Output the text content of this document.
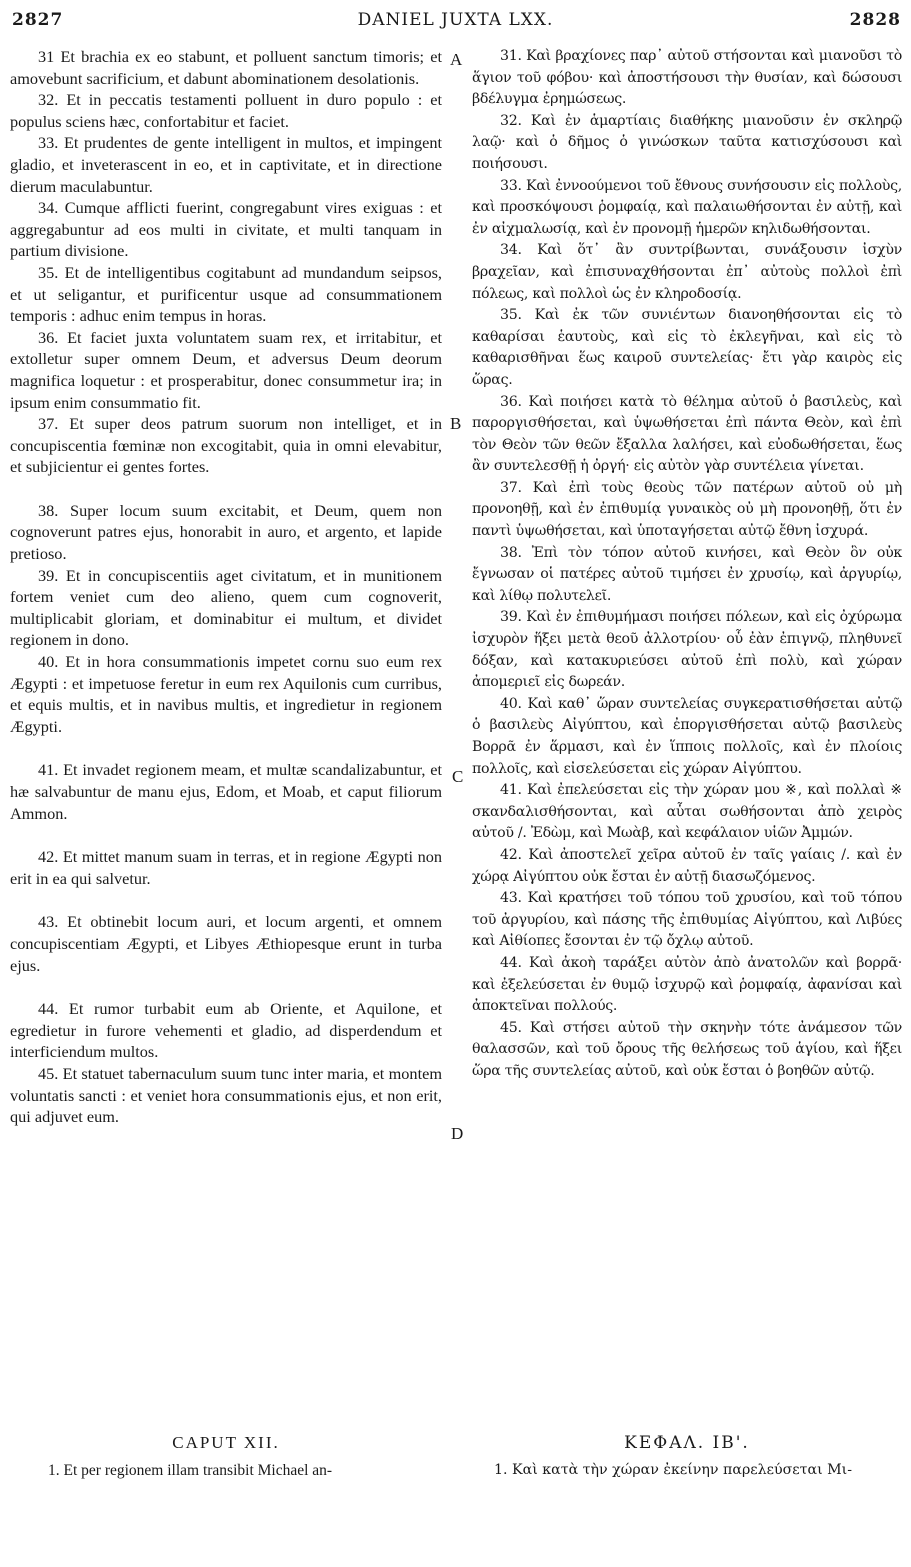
2827	DANIEL JUXTA LXX.	2828

31 Et brachia ex eo stabunt, et polluent sanctum timoris; et amovebunt sacrificium, et dabunt abominationem desolationis.

32. Et in peccatis testamenti polluent in duro populo : et populus sciens hæc, confortabitur et faciet.

33. Et prudentes de gente intelligent in multos, et impingent gladio, et inveterascent in eo, et in captivitate, et in directione dierum maculabuntur.

34. Cumque afflicti fuerint, congregabunt vires exiguas : et aggregabuntur ad eos multi in civitate, et multi tanquam in partium divisione.

35. Et de intelligentibus cogitabunt ad mundandum seipsos, et ut seligantur, et purificentur usque ad consummationem temporis : adhuc enim tempus in horas.

36. Et faciet juxta voluntatem suam rex, et irritabitur, et extolletur super omnem Deum, et adversus Deum deorum magnifica loquetur : et prosperabitur, donec consummetur ira; in ipsum enim consummatio fit.

37. Et super deos patrum suorum non intelliget, et in concupiscentia fœminæ non excogitabit, quia in omni elevabitur, et subjicientur ei gentes fortes.

38. Super locum suum excitabit, et Deum, quem non cognoverunt patres ejus, honorabit in auro, et argento, et lapide pretioso.

39. Et in concupiscentiis aget civitatum, et in munitionem fortem veniet cum deo alieno, quem cum cognoverit, multiplicabit gloriam, et dominabitur ei multum, et dividet regionem in dono.

40. Et in hora consummationis impetet cornu suo eum rex Ægypti : et impetuose feretur in eum rex Aquilonis cum curribus, et equis multis, et in navibus multis, et ingredietur in regionem Ægypti.

41. Et invadet regionem meam, et multæ scandalizabuntur, et hæ salvabuntur de manu ejus, Edom, et Moab, et caput filiorum Ammon.

42. Et mittet manum suam in terras, et in regione Ægypti non erit in ea qui salvetur.

43. Et obtinebit locum auri, et locum argenti, et omnem concupiscentiam Ægypti, et Libyes Æthiopesque erunt in turba ejus.

44. Et rumor turbabit eum ab Oriente, et Aquilone, et egredietur in furore vehementi et gladio, ad disperdendum et interficiendum multos.

45. Et statuet tabernaculum suum tunc inter maria, et montem voluntatis sancti : et veniet hora consummationis ejus, et non erit, qui adjuvet eum.

31. Καὶ βραχίονες παρ᾽ αὐτοῦ στήσονται καὶ μιανοῦσι τὸ ἅγιον τοῦ φόβου· καὶ ἀποστήσουσι τὴν θυσίαν, καὶ δώσουσι βδέλυγμα ἐρημώσεως.

32. Καὶ ἐν ἁμαρτίαις διαθήκης μιανοῦσιν ἐν σκληρῷ λαῷ· καὶ ὁ δῆμος ὁ γινώσκων ταῦτα κατισχύσουσι καὶ ποιήσουσι.

33. Καὶ ἐννοούμενοι τοῦ ἔθνους συνήσουσιν εἰς πολλοὺς, καὶ προσκόψουσι ῥομφαίᾳ, καὶ παλαιωθήσονται ἐν αὐτῇ, καὶ ἐν αἰχμαλωσίᾳ, καὶ ἐν προνομῇ ἡμερῶν κηλιδωθήσονται.

34. Καὶ ὅτ᾽ ἂν συντρίβωνται, συνάξουσιν ἰσχὺν βραχεῖαν, καὶ ἐπισυναχθήσονται ἐπ᾽ αὐτοὺς πολλοὶ ἐπὶ πόλεως, καὶ πολλοὶ ὡς ἐν κληροδοσίᾳ.

35. Καὶ ἐκ τῶν συνιέντων διανοηθήσονται εἰς τὸ καθαρίσαι ἑαυτοὺς, καὶ εἰς τὸ ἐκλεγῆναι, καὶ εἰς τὸ καθαρισθῆναι ἕως καιροῦ συντελείας· ἔτι γὰρ καιρὸς εἰς ὥρας.

36. Καὶ ποιήσει κατὰ τὸ θέλημα αὐτοῦ ὁ βασιλεὺς, καὶ παροργισθήσεται, καὶ ὑψωθήσεται ἐπὶ πάντα Θεὸν, καὶ ἐπὶ τὸν Θεὸν τῶν θεῶν ἔξαλλα λαλήσει, καὶ εὐοδωθήσεται, ἕως ἂν συντελεσθῇ ἡ ὀργή· εἰς αὐτὸν γὰρ συντέλεια γίνεται.

37. Καὶ ἐπὶ τοὺς θεοὺς τῶν πατέρων αὐτοῦ οὐ μὴ προνοηθῇ, καὶ ἐν ἐπιθυμίᾳ γυναικὸς οὐ μὴ προνοηθῇ, ὅτι ἐν παντὶ ὑψωθήσεται, καὶ ὑποταγήσεται αὐτῷ ἔθνη ἰσχυρά.

38. Ἐπὶ τὸν τόπον αὐτοῦ κινήσει, καὶ Θεὸν ὃν οὐκ ἔγνωσαν οἱ πατέρες αὐτοῦ τιμήσει ἐν χρυσίῳ, καὶ ἀργυρίῳ, καὶ λίθῳ πολυτελεῖ.

39. Καὶ ἐν ἐπιθυμήμασι ποιήσει πόλεων, καὶ εἰς ὀχύρωμα ἰσχυρὸν ἥξει μετὰ θεοῦ ἀλλοτρίου· οὗ ἐὰν ἐπιγνῷ, πληθυνεῖ δόξαν, καὶ κατακυριεύσει αὐτοῦ ἐπὶ πολὺ, καὶ χώραν ἀπομεριεῖ εἰς δωρεάν.

40. Καὶ καθ᾽ ὥραν συντελείας συγκερατισθήσεται αὐτῷ ὁ βασιλεὺς Αἰγύπτου, καὶ ἐποργισθήσεται αὐτῷ βασιλεὺς Βορρᾶ ἐν ἅρμασι, καὶ ἐν ἵπποις πολλοῖς, καὶ ἐν πλοίοις πολλοῖς, καὶ εἰσελεύσεται εἰς χώραν Αἰγύπτου.

41. Καὶ ἐπελεύσεται εἰς τὴν χώραν μου ※, καὶ πολλαὶ ※ σκανδαλισθήσονται, καὶ αὗται σωθήσονται ἀπὸ χειρὸς αὐτοῦ /. Ἐδὼμ, καὶ Μωὰβ, καὶ κεφάλαιον υἱῶν Ἀμμών.

42. Καὶ ἀποστελεῖ χεῖρα αὐτοῦ ἐν ταῖς γαίαις /. καὶ ἐν χώρᾳ Αἰγύπτου οὐκ ἔσται ἐν αὐτῇ διασωζόμενος.

43. Καὶ κρατήσει τοῦ τόπου τοῦ χρυσίου, καὶ τοῦ τόπου τοῦ ἀργυρίου, καὶ πάσης τῆς ἐπιθυμίας Αἰγύπτου, καὶ Λιβύες καὶ Αἰθίοπες ἔσονται ἐν τῷ ὄχλῳ αὐτοῦ.

44. Καὶ ἀκοὴ ταράξει αὐτὸν ἀπὸ ἀνατολῶν καὶ βορρᾶ· καὶ ἐξελεύσεται ἐν θυμῷ ἰσχυρῷ καὶ ῥομφαίᾳ, ἀφανίσαι καὶ ἀποκτεῖναι πολλούς.

45. Καὶ στήσει αὐτοῦ τὴν σκηνὴν τότε ἀνάμεσον τῶν θαλασσῶν, καὶ τοῦ ὄρους τῆς θελήσεως τοῦ ἁγίου, καὶ ἥξει ὥρα τῆς συντελείας αὐτοῦ, καὶ οὐκ ἔσται ὁ βοηθῶν αὐτῷ.

A
B
C
D
CAPUT XII.	ΚΕΦΑΛ. ΙΒ'.
1. Et per regionem illam transibit Michael an-	1. Καὶ κατὰ τὴν χώραν ἐκείνην παρελεύσεται Μι-
